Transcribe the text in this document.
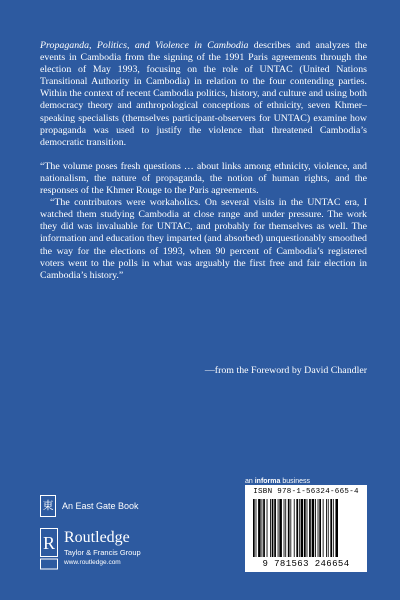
Propaganda, Politics, and Violence in Cambodia describes and analyzes the events in Cambodia from the signing of the 1991 Paris agreements through the election of May 1993, focusing on the role of UNTAC (United Nations Transitional Authority in Cambodia) in relation to the four contending parties. Within the context of recent Cambodia politics, history, and culture and using both democracy theory and anthropological conceptions of ethnicity, seven Khmer–speaking specialists (themselves participant-observers for UNTAC) examine how propaganda was used to justify the violence that threatened Cambodia’s democratic transition.

“The volume poses fresh questions … about links among ethnicity, violence, and nationalism, the nature of propaganda, the notion of human rights, and the responses of the Khmer Rouge to the Paris agreements.

“The contributors were workaholics. On several visits in the UNTAC era, I watched them studying Cambodia at close range and under pressure. The work they did was invaluable for UNTAC, and probably for themselves as well. The information and education they imparted (and absorbed) unquestionably smoothed the way for the elections of 1993, when 90 percent of Cambodia’s registered voters went to the polls in what was arguably the first free and fair election in Cambodia’s history.”

—from the Foreword by David Chandler
東 An East Gate Book
R Routledge
Taylor & Francis Group
www.routledge.com
an informa business
ISBN 978-1-56324-665-4
9 781563 246654
